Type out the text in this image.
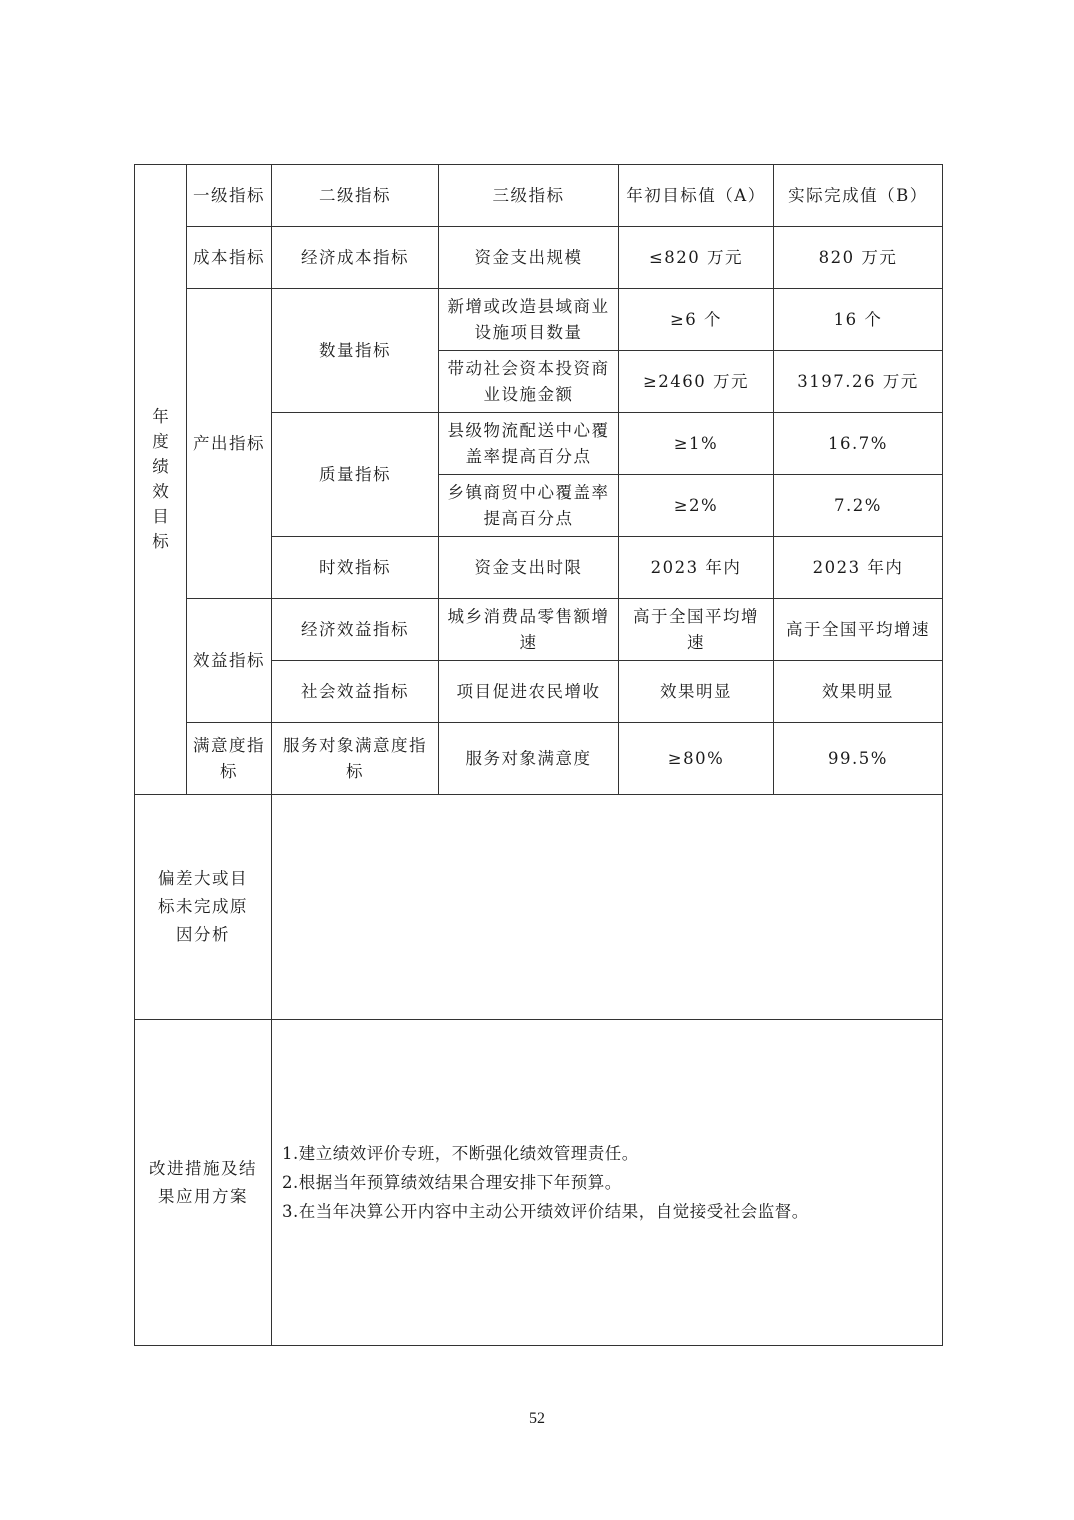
年度绩效目标	一级指标	二级指标	三级指标	年初目标值（A）	实际完成值（B）
	成本指标	经济成本指标	资金支出规模	≤820 万元	820 万元
	产出指标	数量指标	新增或改造县域商业设施项目数量	≥6 个	16 个
			带动社会资本投资商业设施金额	≥2460 万元	3197.26 万元
		质量指标	县级物流配送中心覆盖率提高百分点	≥1%	16.7%
			乡镇商贸中心覆盖率提高百分点	≥2%	7.2%
		时效指标	资金支出时限	2023 年内	2023 年内
	效益指标	经济效益指标	城乡消费品零售额增速	高于全国平均增速	高于全国平均增速
		社会效益指标	项目促进农民增收	效果明显	效果明显
	满意度指 标	服务对象满意度指标	服务对象满意度	≥80%	99.5%
偏差大或目标未完成原因分析					
改进措施及结果应用方案		1.建立绩效评价专班，不断强化绩效管理责任。
2.根据当年预算绩效结果合理安排下年预算。
3.在当年决算公开内容中主动公开绩效评价结果，自觉接受社会监督。			
52
